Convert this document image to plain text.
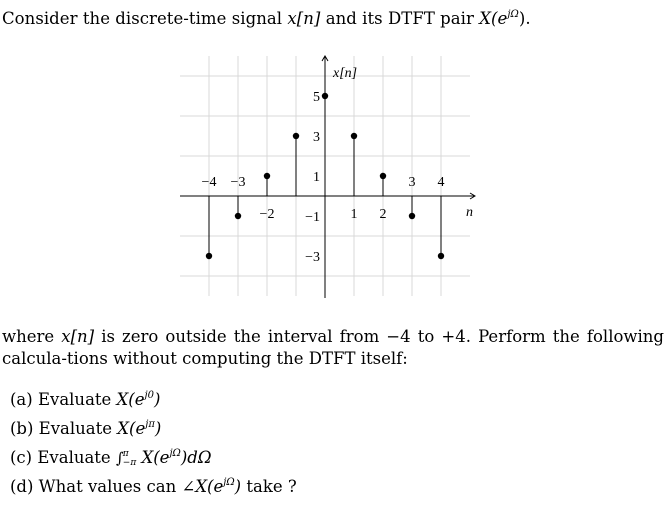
Consider the discrete-time signal x[n] and its DTFT pair $X(e^{j\Omega})$.
−4 −3
−2	1 2
3 4
5
3
1
−1
−3
x[n]
n
where x[n] is zero outside the interval from −4 to +4. Perform the following calcula-tions without computing the DTFT itself:
(a) Evaluate $X(e^{j0})$
(b) Evaluate $X(e^{j\pi})$
(c) Evaluate ∫ π
−π $X(e^{j\Omega})d\Omega$
(d) What values can $\angle X(e^{j\Omega})$ take ?
